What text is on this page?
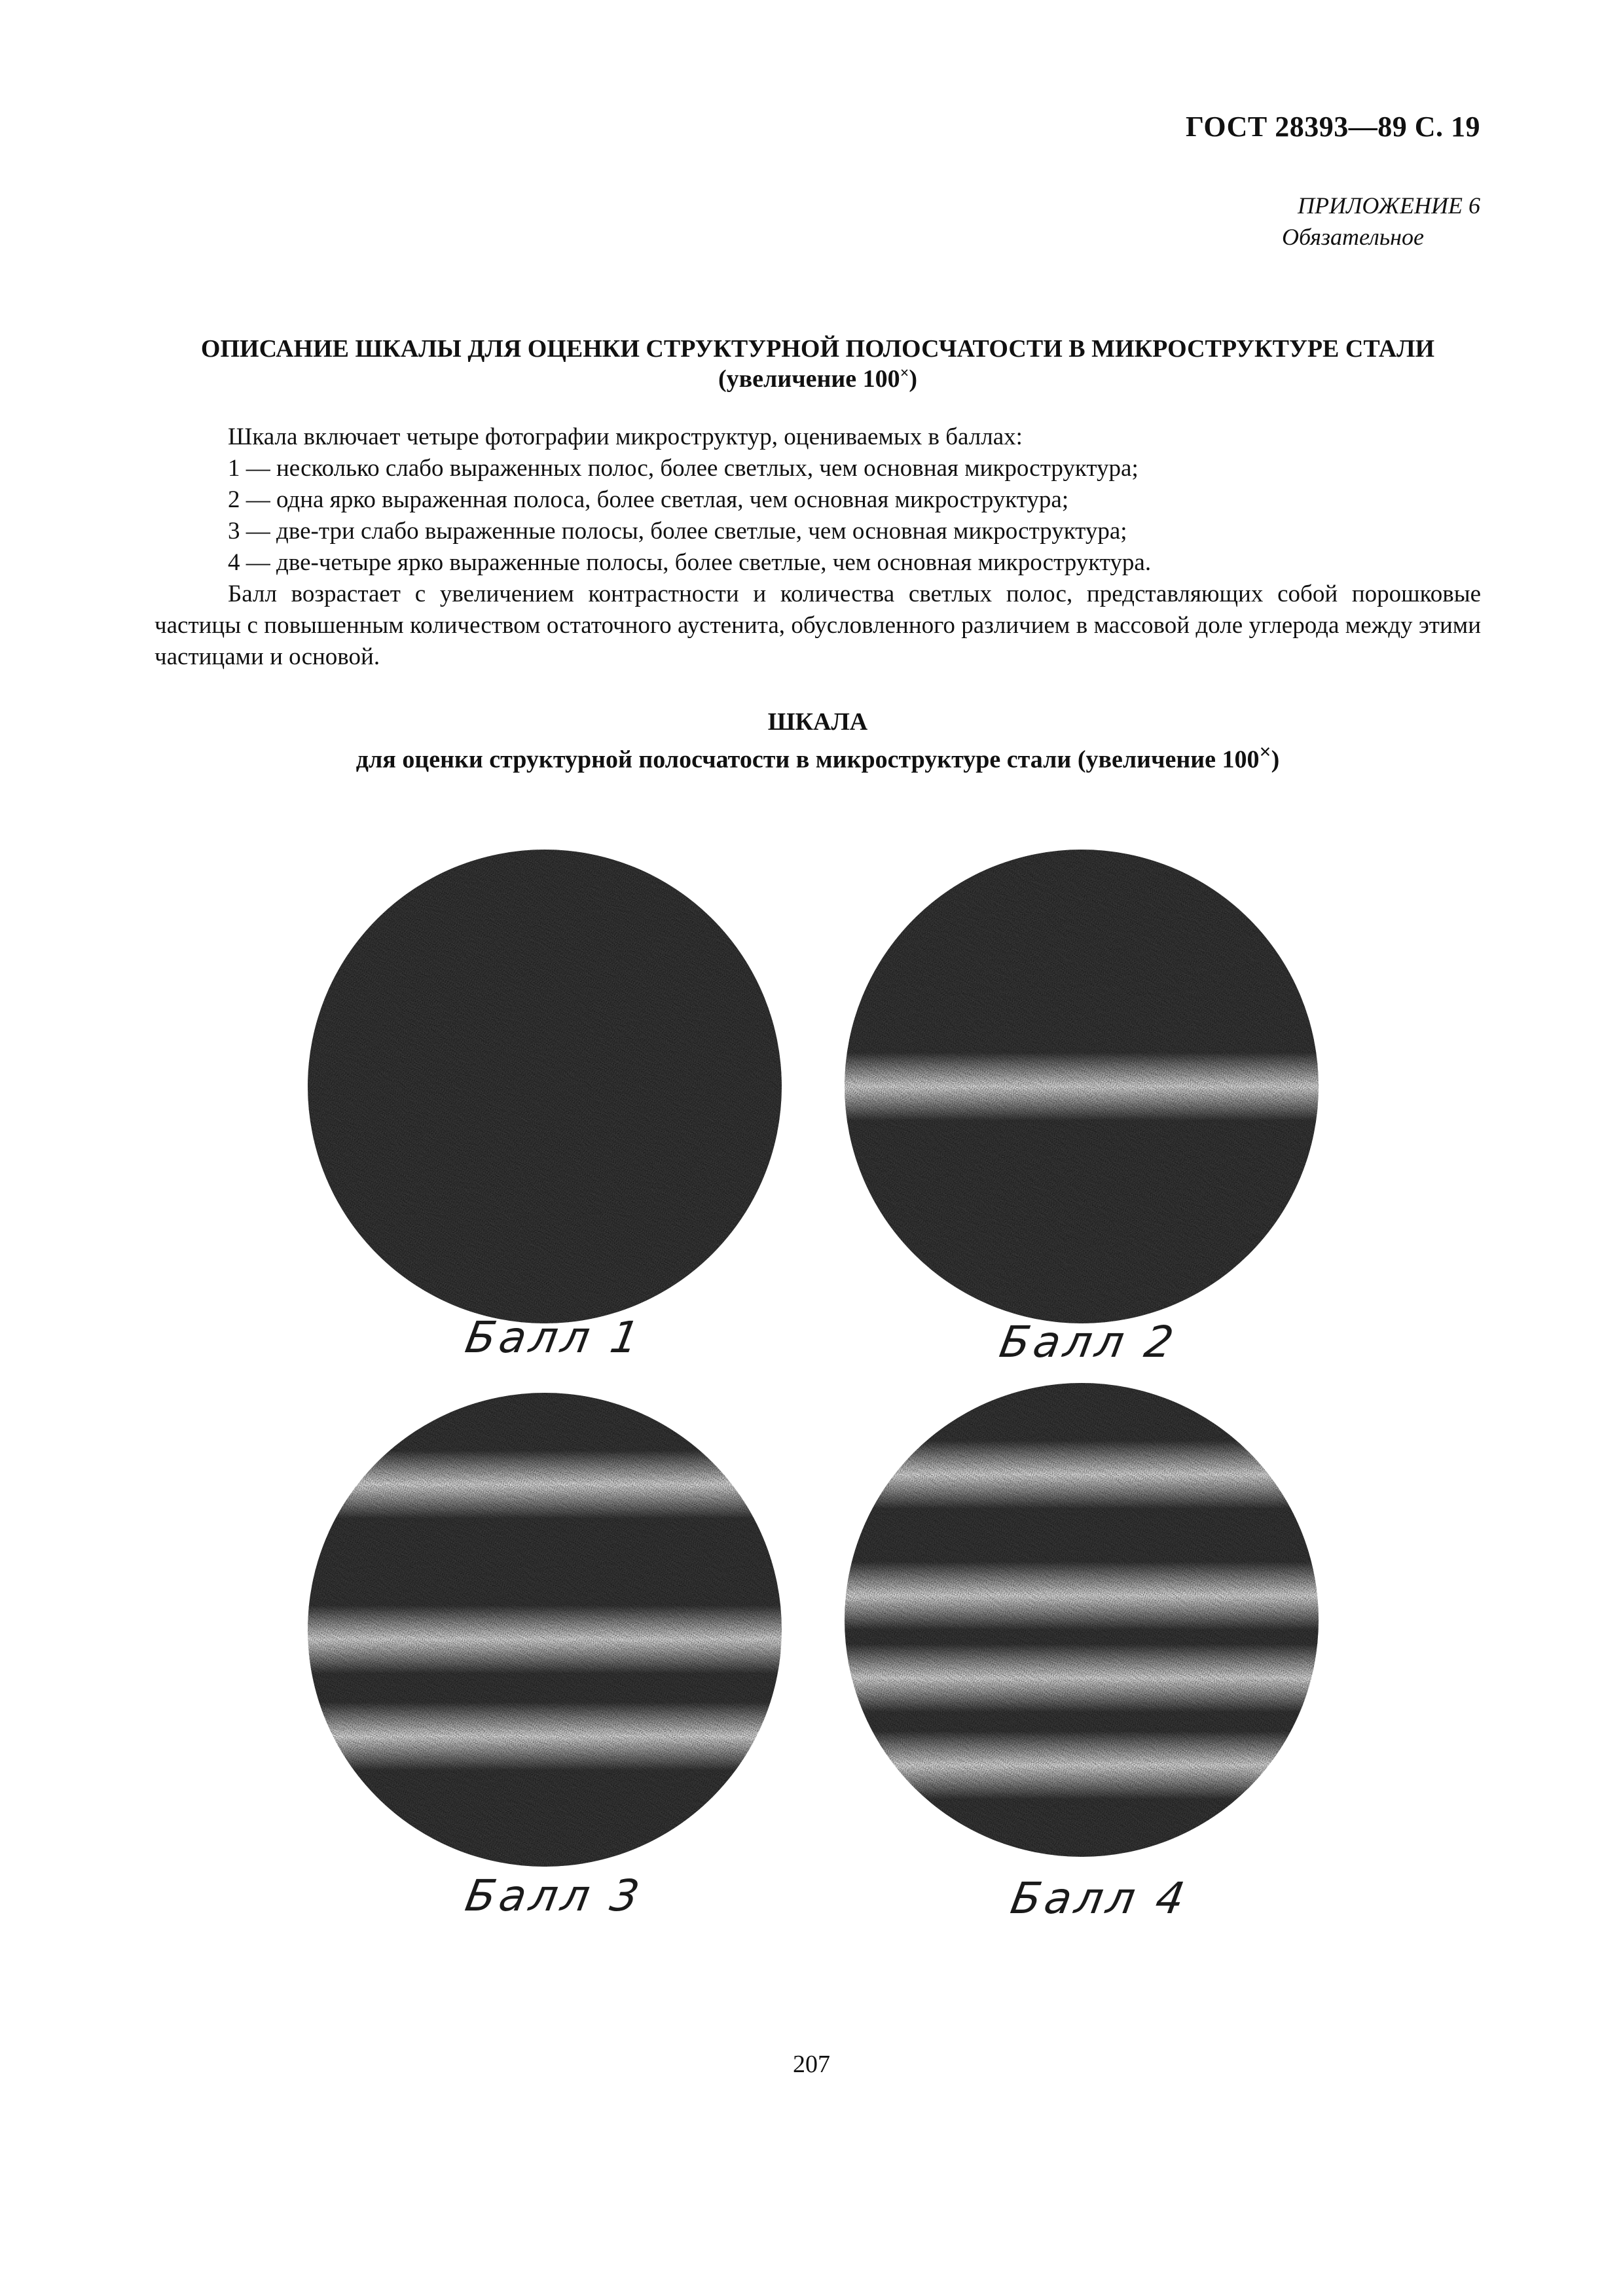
ГОСТ 28393—89 С. 19
ПРИЛОЖЕНИЕ 6

Обязательное
ОПИСАНИЕ ШКАЛЫ ДЛЯ ОЦЕНКИ СТРУКТУРНОЙ ПОЛОСЧАТОСТИ В МИКРОСТРУКТУРЕ СТАЛИ
(увеличение 100×)

Шкала включает четыре фотографии микроструктур, оцениваемых в баллах:

1 — несколько слабо выраженных полос, более светлых, чем основная микроструктура;

2 — одна ярко выраженная полоса, более светлая, чем основная микроструктура;

3 — две-три слабо выраженные полосы, более светлые, чем основная микроструктура;

4 — две-четыре ярко выраженные полосы, более светлые, чем основная микроструктура.

Балл возрастает с увеличением контрастности и количества светлых полос, представляющих собой порошковые частицы с повышенным количеством остаточного аустенита, обусловленного различием в массовой доле углерода между этими частицами и основой.

ШКАЛА
для оценки структурной полосчатости в микроструктуре стали (увеличение 100×)
Балл 1	Балл 2
Балл 3	Балл 4
207
